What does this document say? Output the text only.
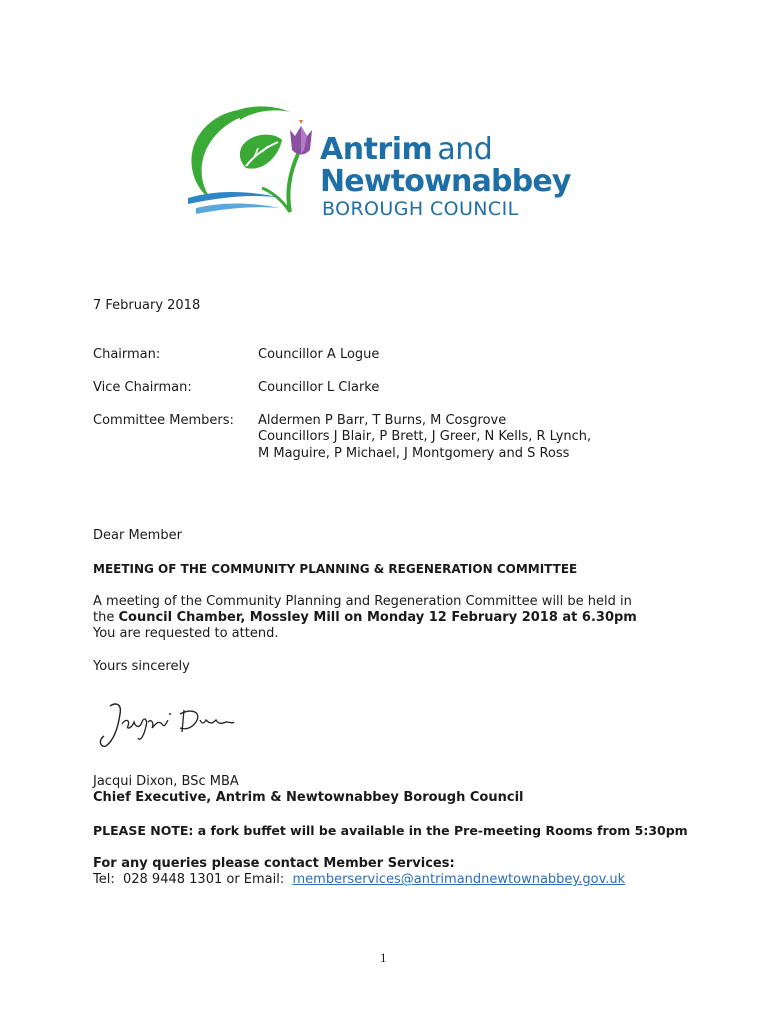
Antrim and
Newtownabbey
BOROUGH COUNCIL
7 February 2018
Chairman:	Councillor A Logue
Vice Chairman:	Councillor L Clarke
Committee Members: Aldermen P Barr, T Burns, M Cosgrove
Councillors J Blair, P Brett, J Greer, N Kells, R Lynch,
M Maguire, P Michael, J Montgomery and S Ross
Dear Member
MEETING OF THE COMMUNITY PLANNING & REGENERATION COMMITTEE
A meeting of the Community Planning and Regeneration Committee will be held in
the Council Chamber, Mossley Mill on Monday 12 February 2018 at 6.30pm
You are requested to attend.
Yours sincerely
Jacqui Dixon, BSc MBA
Chief Executive, Antrim & Newtownabbey Borough Council
PLEASE NOTE: a fork buffet will be available in the Pre-meeting Rooms from 5:30pm
For any queries please contact Member Services:
Tel:  028 9448 1301 or Email:  memberservices@antrimandnewtownabbey.gov.uk
1
